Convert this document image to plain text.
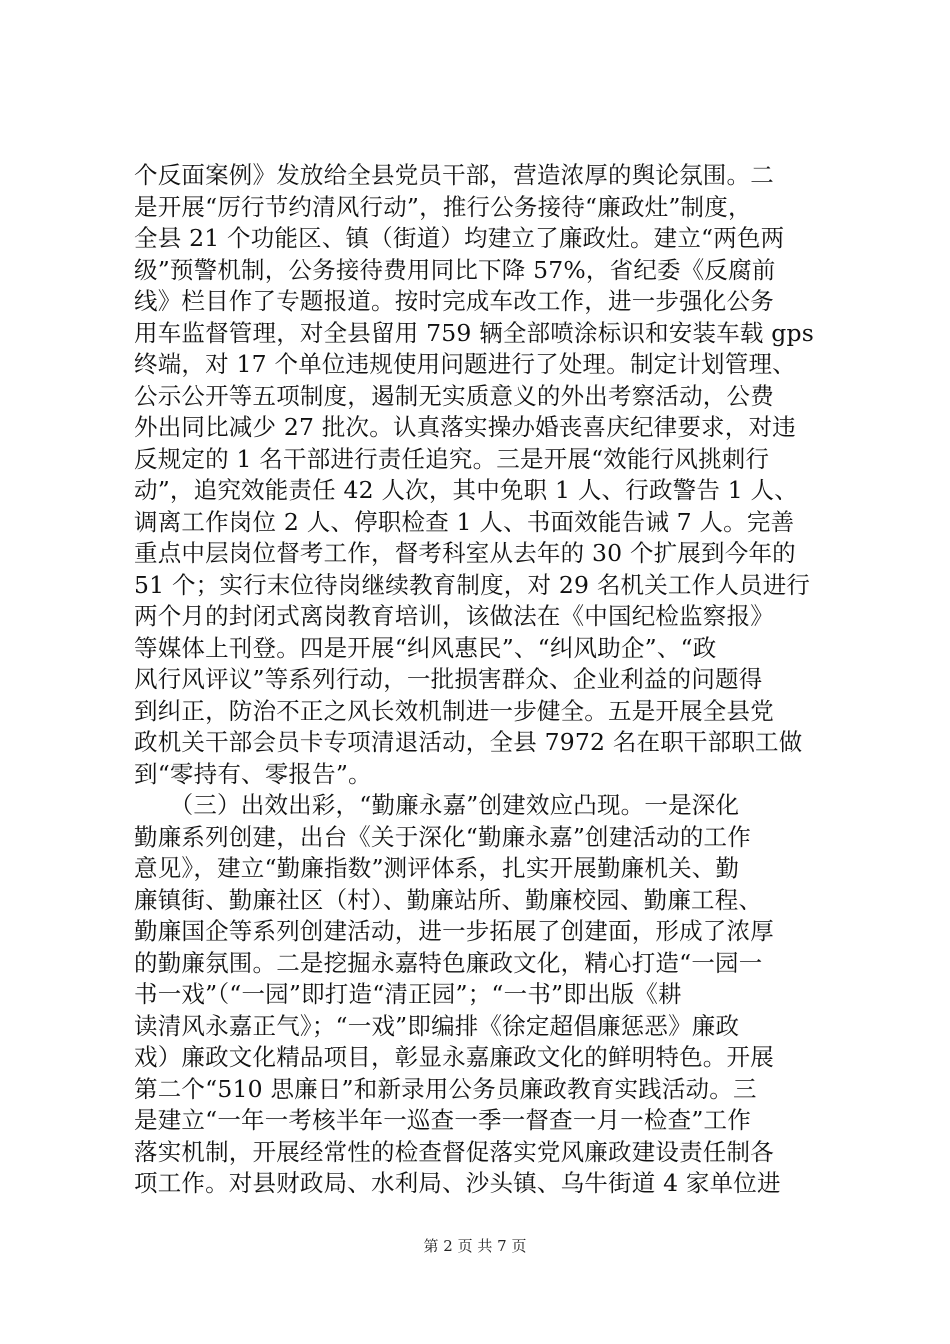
个反面案例》发放给全县党员干部，营造浓厚的舆论氛围。二
是开展“厉行节约清风行动”，推行公务接待“廉政灶”制度，
全县 21 个功能区、镇（街道）均建立了廉政灶。建立“两色两
级”预警机制，公务接待费用同比下降 57%，省纪委《反腐前
线》栏目作了专题报道。按时完成车改工作，进一步强化公务
用车监督管理，对全县留用 759 辆全部喷涂标识和安装车载 gps
终端，对 17 个单位违规使用问题进行了处理。制定计划管理、
公示公开等五项制度，遏制无实质意义的外出考察活动，公费
外出同比减少 27 批次。认真落实操办婚丧喜庆纪律要求，对违
反规定的 1 名干部进行责任追究。三是开展“效能行风挑刺行
动”，追究效能责任 42 人次，其中免职 1 人、行政警告 1 人、
调离工作岗位 2 人、停职检查 1 人、书面效能告诫 7 人。完善
重点中层岗位督考工作，督考科室从去年的 30 个扩展到今年的
51 个；实行末位待岗继续教育制度，对 29 名机关工作人员进行
两个月的封闭式离岗教育培训，该做法在《中国纪检监察报》
等媒体上刊登。四是开展“纠风惠民”、“纠风助企”、“政
风行风评议”等系列行动，一批损害群众、企业利益的问题得
到纠正，防治不正之风长效机制进一步健全。五是开展全县党
政机关干部会员卡专项清退活动，全县 7972 名在职干部职工做
到“零持有、零报告”。
　　（三）出效出彩，“勤廉永嘉”创建效应凸现。一是深化
勤廉系列创建，出台《关于深化“勤廉永嘉”创建活动的工作
意见》，建立“勤廉指数”测评体系，扎实开展勤廉机关、勤
廉镇街、勤廉社区（村）、勤廉站所、勤廉校园、勤廉工程、
勤廉国企等系列创建活动，进一步拓展了创建面，形成了浓厚
的勤廉氛围。二是挖掘永嘉特色廉政文化，精心打造“一园一
书一戏”（“一园”即打造“清正园”；“一书”即出版《耕
读清风永嘉正气》；“一戏”即编排《徐定超倡廉惩恶》廉政
戏）廉政文化精品项目，彰显永嘉廉政文化的鲜明特色。开展
第二个“510 思廉日”和新录用公务员廉政教育实践活动。三
是建立“一年一考核半年一巡查一季一督查一月一检查”工作
落实机制，开展经常性的检查督促落实党风廉政建设责任制各
项工作。对县财政局、水利局、沙头镇、乌牛街道 4 家单位进
第 2 页 共 7 页
